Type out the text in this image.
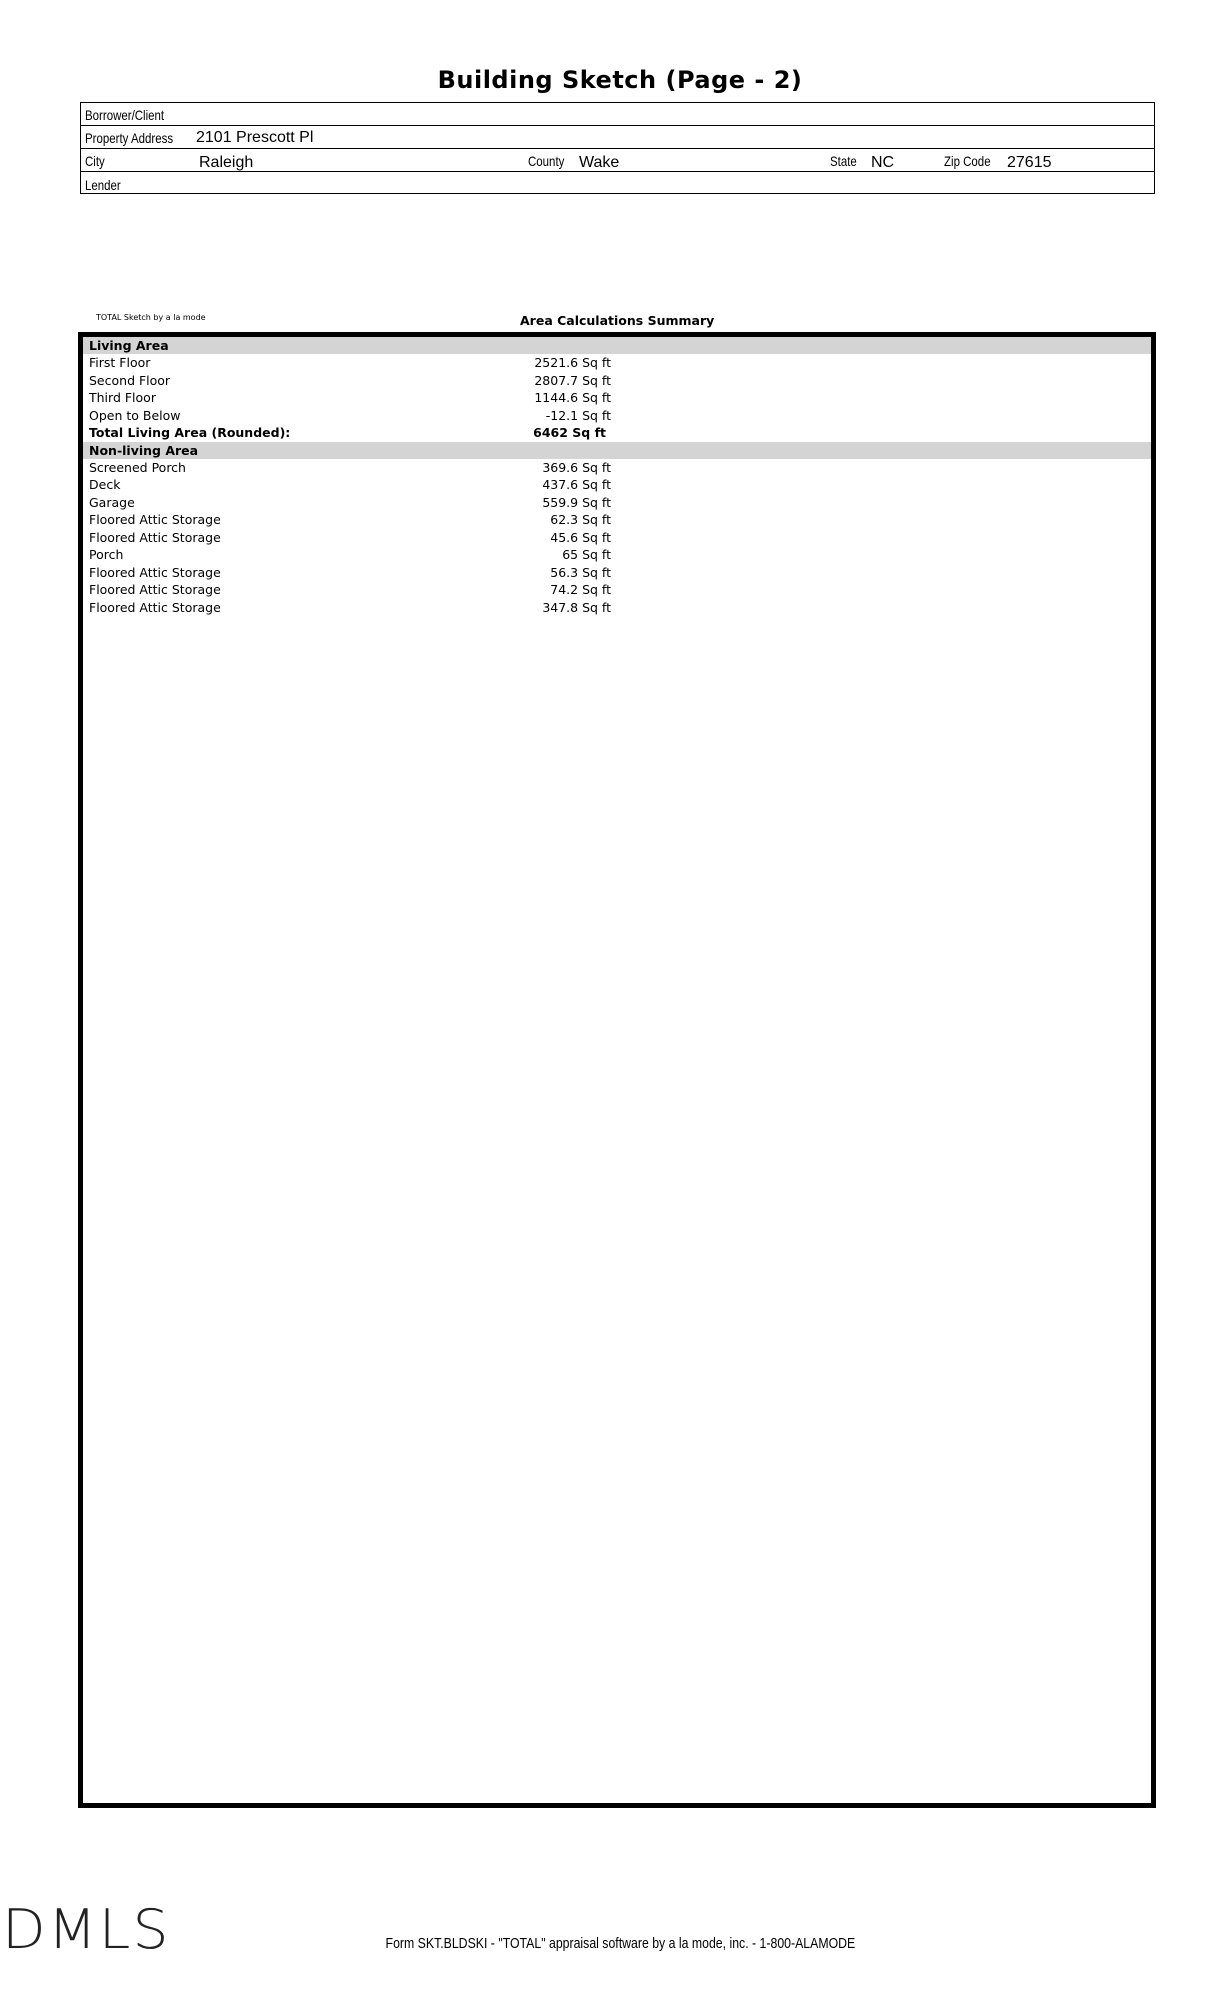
Building Sketch (Page - 2)
Borrower/Client
Property Address 2101 Prescott Pl
City	Raleigh	County Wake	State NC	Zip Code 27615
Lender
TOTAL Sketch by a la mode	Area Calculations Summary
Living Area
First Floor	2521.6 Sq ft
Second Floor	2807.7 Sq ft
Third Floor	1144.6 Sq ft
Open to Below	-12.1 Sq ft
Total Living Area (Rounded):	6462 Sq ft
Non-living Area
Screened Porch	369.6 Sq ft
Deck	437.6 Sq ft
Garage	559.9 Sq ft
Floored Attic Storage	62.3 Sq ft
Floored Attic Storage	45.6 Sq ft
Porch	65 Sq ft
Floored Attic Storage	56.3 Sq ft
Floored Attic Storage	74.2 Sq ft
Floored Attic Storage	347.8 Sq ft
DMLS	Form SKT.BLDSKI - "TOTAL" appraisal software by a la mode, inc. - 1-800-ALAMODE
